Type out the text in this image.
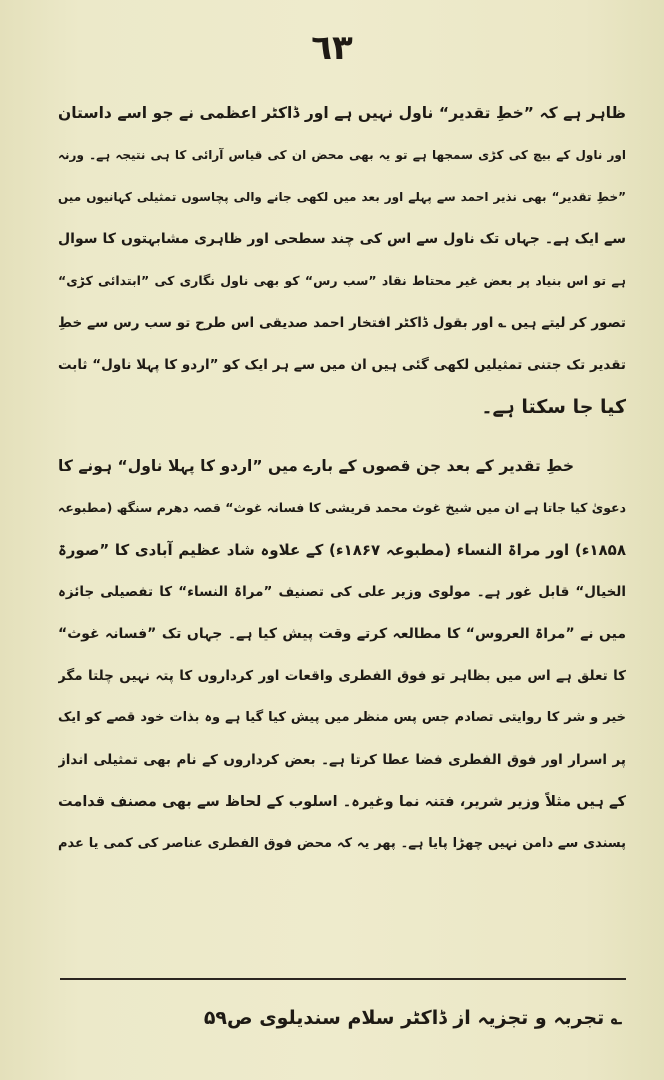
٦٣
ظاہر ہے کہ ”خطِ تقدیر“ ناول نہیں ہے اور ڈاکٹر اعظمی نے جو اسے داستان
اور ناول کے بیچ کی کڑی سمجھا ہے تو یہ بھی محض ان کی قیاس آرائی کا ہی نتیجہ ہے۔ ورنہ
”خطِ تقدیر“ بھی نذیر احمد سے پہلے اور بعد میں لکھی جانے والی پچاسوں تمثیلی کہانیوں میں
سے ایک ہے۔ جہاں تک ناول سے اس کی چند سطحی اور ظاہری مشابہتوں کا سوال
ہے تو اس بنیاد پر بعض غیر محتاط نقاد ”سب رس“ کو بھی ناول نگاری کی ”ابتدائی کڑی“
تصور کر لیتے ہیں ؎ اور بقول ڈاکٹر افتخار احمد صدیقی اس طرح تو سب رس سے خطِ
تقدیر تک جتنی تمثیلیں لکھی گئی ہیں ان میں سے ہر ایک کو ”اردو کا پہلا ناول“ ثابت
کیا جا سکتا ہے۔
خطِ تقدیر کے بعد جن قصوں کے بارے میں ”اردو کا پہلا ناول“ ہونے کا
دعویٰ کیا جاتا ہے ان میں شیخ غوث محمد قریشی کا فسانہ غوث“ قصہ دھرم سنگھ (مطبوعہ
۱۸۵۸ء) اور مراۃ النساء (مطبوعہ ۱۸۶۷ء) کے علاوہ شاد عظیم آبادی کا ”صورۃ
الخیال“ قابل غور ہے۔ مولوی وزیر علی کی تصنیف ”مراۃ النساء“ کا تفصیلی جائزہ
میں نے ”مراۃ العروس“ کا مطالعہ کرتے وقت پیش کیا ہے۔ جہاں تک ”فسانہ غوث“
کا تعلق ہے اس میں بظاہر تو فوق الفطری واقعات اور کرداروں کا پتہ نہیں چلتا مگر
خیر و شر کا روایتی تصادم جس پس منظر میں پیش کیا گیا ہے وہ بذات خود قصے کو ایک
پر اسرار اور فوق الفطری فضا عطا کرتا ہے۔ بعض کرداروں کے نام بھی تمثیلی انداز
کے ہیں مثلاً وزیر شریر، فتنہ نما وغیرہ۔ اسلوب کے لحاظ سے بھی مصنف قدامت
پسندی سے دامن نہیں چھڑا پایا ہے۔ پھر یہ کہ محض فوق الفطری عناصر کی کمی یا عدم
؎ تجربہ و تجزیہ از ڈاکٹر سلام سندیلوی ص۵۹
